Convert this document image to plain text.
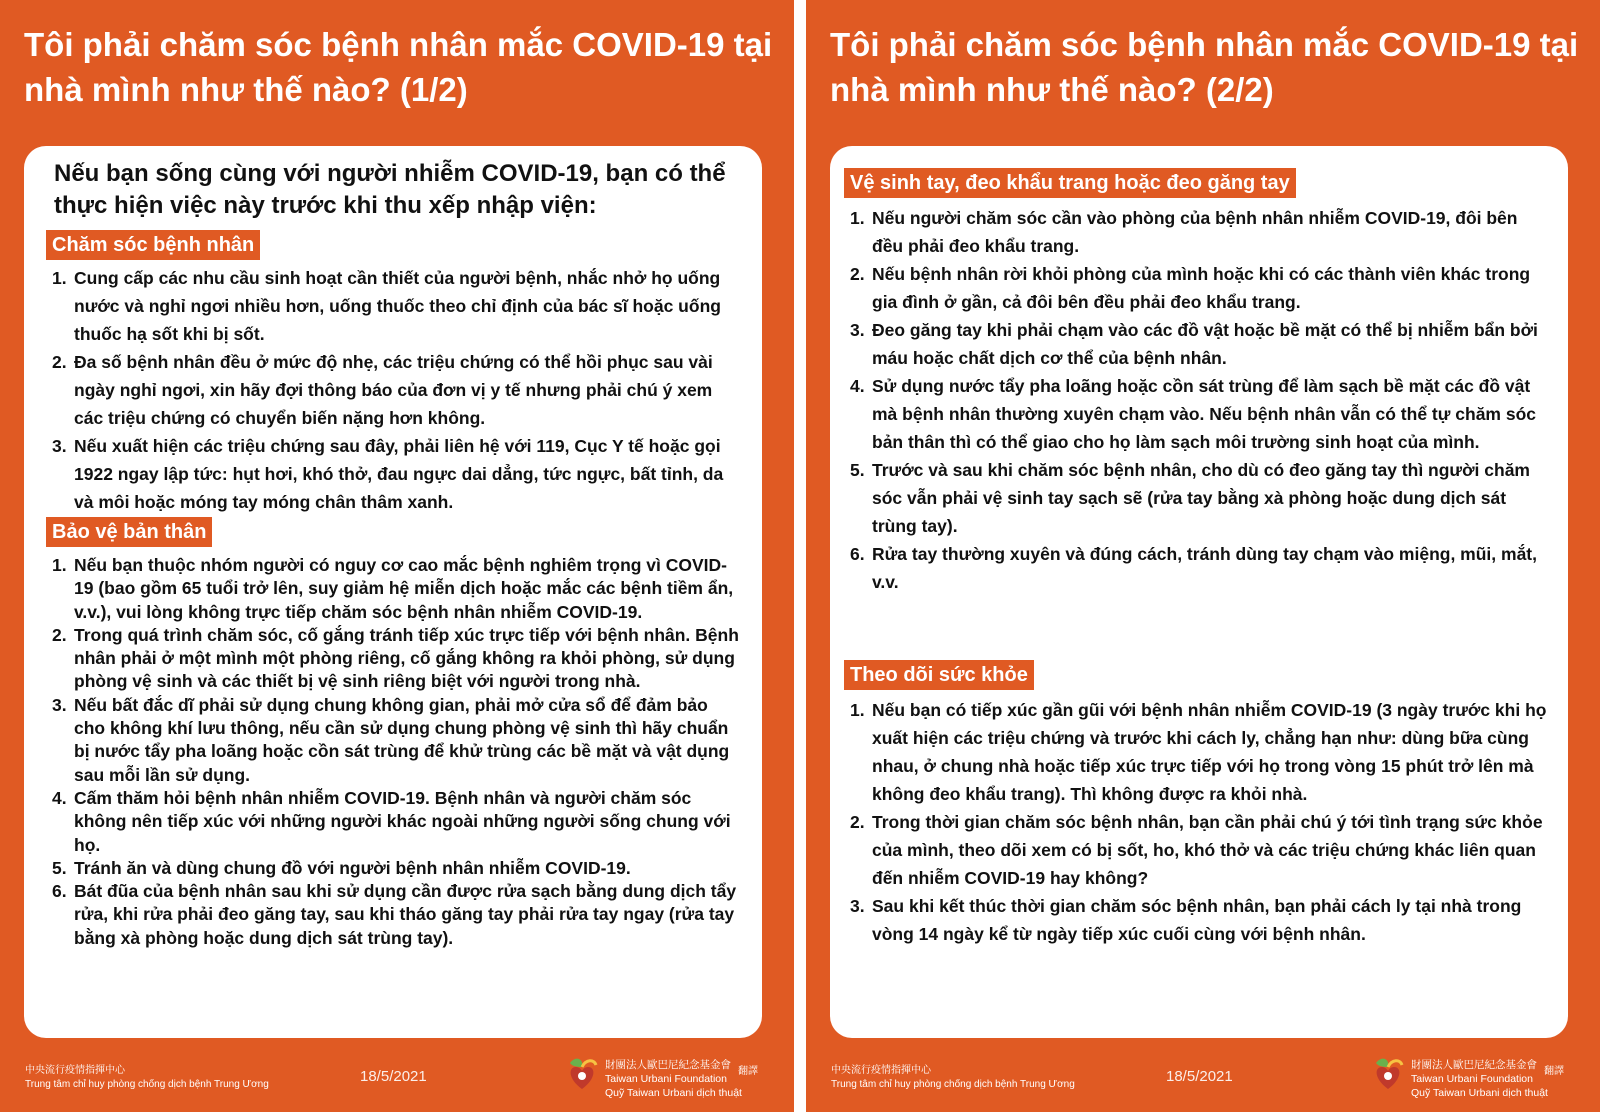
Tôi phải chăm sóc bệnh nhân mắc COVID-19 tại nhà mình như thế nào? (1/2)

Nếu bạn sống cùng với người nhiễm COVID-19, bạn có thể thực hiện việc này trước khi thu xếp nhập viện:

Chăm sóc bệnh nhân
1. Cung cấp các nhu cầu sinh hoạt cần thiết của người bệnh, nhắc nhở họ uống nước và nghỉ ngơi nhiều hơn, uống thuốc theo chỉ định của bác sĩ hoặc uống thuốc hạ sốt khi bị sốt.
2. Đa số bệnh nhân đều ở mức độ nhẹ, các triệu chứng có thể hồi phục sau vài ngày nghỉ ngơi, xin hãy đợi thông báo của đơn vị y tế nhưng phải chú ý xem các triệu chứng có chuyển biến nặng hơn không.
3. Nếu xuất hiện các triệu chứng sau đây, phải liên hệ với 119, Cục Y tế hoặc gọi 1922 ngay lập tức: hụt hơi, khó thở, đau ngực dai dẳng, tức ngực, bất tỉnh, da và môi hoặc móng tay móng chân thâm xanh.
Bảo vệ bản thân
1. Nếu bạn thuộc nhóm người có nguy cơ cao mắc bệnh nghiêm trọng vì COVID-19 (bao gồm 65 tuổi trở lên, suy giảm hệ miễn dịch hoặc mắc các bệnh tiềm ẩn, v.v.), vui lòng không trực tiếp chăm sóc bệnh nhân nhiễm COVID-19.
2. Trong quá trình chăm sóc, cố gắng tránh tiếp xúc trực tiếp với bệnh nhân. Bệnh nhân phải ở một mình một phòng riêng, cố gắng không ra khỏi phòng, sử dụng phòng vệ sinh và các thiết bị vệ sinh riêng biệt với người trong nhà.
3. Nếu bất đắc dĩ phải sử dụng chung không gian, phải mở cửa sổ để đảm bảo cho không khí lưu thông, nếu cần sử dụng chung phòng vệ sinh thì hãy chuẩn bị nước tẩy pha loãng hoặc cồn sát trùng để khử trùng các bề mặt và vật dụng sau mỗi lần sử dụng.
4. Cấm thăm hỏi bệnh nhân nhiễm COVID-19. Bệnh nhân và người chăm sóc không nên tiếp xúc với những người khác ngoài những người sống chung với họ.
5. Tránh ăn và dùng chung đồ với người bệnh nhân nhiễm COVID-19.
6. Bát đũa của bệnh nhân sau khi sử dụng cần được rửa sạch bằng dung dịch tẩy rửa, khi rửa phải đeo găng tay, sau khi tháo găng tay phải rửa tay ngay (rửa tay bằng xà phòng hoặc dung dịch sát trùng tay).
中央流行疫情指揮中心
Trung tâm chỉ huy phòng chống dịch bệnh Trung Ương	18/5/2021
財團法人歐巴尼紀念基金會
Taiwan Urbani Foundation
Quỹ Taiwan Urbani dịch thuật
翻譯
Tôi phải chăm sóc bệnh nhân mắc COVID-19 tại nhà mình như thế nào? (2/2)
Vệ sinh tay, đeo khẩu trang hoặc đeo găng tay
1. Nếu người chăm sóc cần vào phòng của bệnh nhân nhiễm COVID-19, đôi bên đều phải đeo khẩu trang.
2. Nếu bệnh nhân rời khỏi phòng của mình hoặc khi có các thành viên khác trong gia đình ở gần, cả đôi bên đều phải đeo khẩu trang.
3. Đeo găng tay khi phải chạm vào các đồ vật hoặc bề mặt có thể bị nhiễm bẩn bởi máu hoặc chất dịch cơ thể của bệnh nhân.
4. Sử dụng nước tẩy pha loãng hoặc cồn sát trùng để làm sạch bề mặt các đồ vật mà bệnh nhân thường xuyên chạm vào. Nếu bệnh nhân vẫn có thể tự chăm sóc bản thân thì có thể giao cho họ làm sạch môi trường sinh hoạt của mình.
5. Trước và sau khi chăm sóc bệnh nhân, cho dù có đeo găng tay thì người chăm sóc vẫn phải vệ sinh tay sạch sẽ (rửa tay bằng xà phòng hoặc dung dịch sát trùng tay).
6. Rửa tay thường xuyên và đúng cách, tránh dùng tay chạm vào miệng, mũi, mắt, v.v.
Theo dõi sức khỏe
1. Nếu bạn có tiếp xúc gần gũi với bệnh nhân nhiễm COVID-19 (3 ngày trước khi họ xuất hiện các triệu chứng và trước khi cách ly, chẳng hạn như: dùng bữa cùng nhau, ở chung nhà hoặc tiếp xúc trực tiếp với họ trong vòng 15 phút trở lên mà không đeo khẩu trang). Thì không được ra khỏi nhà.
2. Trong thời gian chăm sóc bệnh nhân, bạn cần phải chú ý tới tình trạng sức khỏe của mình, theo dõi xem có bị sốt, ho, khó thở và các triệu chứng khác liên quan đến nhiễm COVID-19 hay không?
3. Sau khi kết thúc thời gian chăm sóc bệnh nhân, bạn phải cách ly tại nhà trong vòng 14 ngày kể từ ngày tiếp xúc cuối cùng với bệnh nhân.
中央流行疫情指揮中心
Trung tâm chỉ huy phòng chống dịch bệnh Trung Ương	18/5/2021
財團法人歐巴尼紀念基金會
Taiwan Urbani Foundation
Quỹ Taiwan Urbani dịch thuật
翻譯
